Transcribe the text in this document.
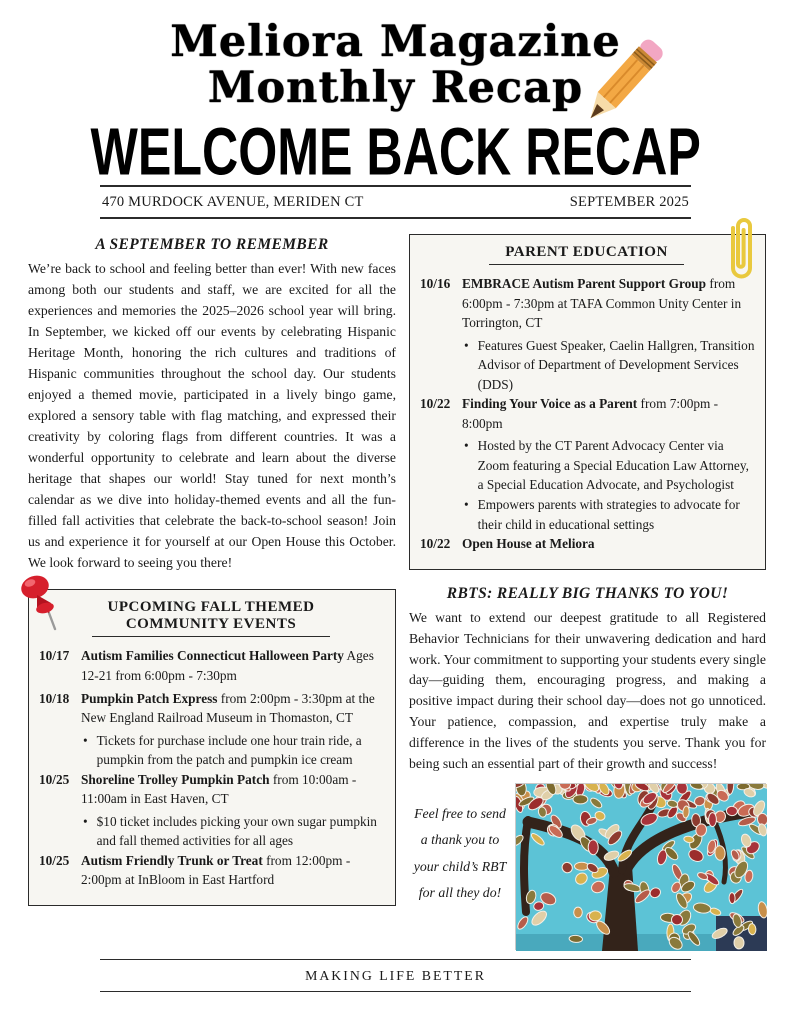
Meliora Magazine
Monthly Recap
WELCOME BACK RECAP
470 MURDOCK AVENUE, MERIDEN CT	SEPTEMBER 2025
A SEPTEMBER TO REMEMBER
We’re back to school and feeling better than ever! With new faces among both our students and staff, we are excited for all the experiences and memories the 2025–2026 school year will bring. In September, we kicked off our events by celebrating Hispanic Heritage Month, honoring the rich cultures and traditions of Hispanic communities throughout the school day. Our students enjoyed a themed movie, participated in a lively bingo game, explored a sensory table with flag matching, and expressed their creativity by coloring flags from different countries. It was a wonderful opportunity to celebrate and learn about the diverse heritage that shapes our world! Stay tuned for next month’s calendar as we dive into holiday-themed events and all the fun-filled fall activities that celebrate the back-to-school season! Join us and experience it for yourself at our Open House this October. We look forward to seeing you there!
UPCOMING FALL THEMED
COMMUNITY EVENTS
10/17 Autism Families Connecticut Halloween Party Ages 12-21 from 6:00pm - 7:30pm
10/18 Pumpkin Patch Express from 2:00pm - 3:30pm at the New England Railroad Museum in Thomaston, CT
• Tickets for purchase include one hour train ride, a pumpkin from the patch and pumpkin ice cream
10/25 Shoreline Trolley Pumpkin Patch from 10:00am - 11:00am in East Haven, CT
• $10 ticket includes picking your own sugar pumpkin and fall themed activities for all ages
10/25 Autism Friendly Trunk or Treat from 12:00pm - 2:00pm at InBloom in East Hartford
PARENT EDUCATION
10/16 EMBRACE Autism Parent Support Group from 6:00pm - 7:30pm at TAFA Common Unity Center in Torrington, CT
• Features Guest Speaker, Caelin Hallgren, Transition Advisor of Department of Development Services (DDS)
10/22 Finding Your Voice as a Parent from 7:00pm - 8:00pm
• Hosted by the CT Parent Advocacy Center via Zoom featuring a Special Education Law Attorney, a Special Education Advocate, and Psychologist
• Empowers parents with strategies to advocate for their child in educational settings
10/22 Open House at Meliora
RBTS: REALLY BIG THANKS TO YOU!
We want to extend our deepest gratitude to all Registered Behavior Technicians for their unwavering dedication and hard work. Your commitment to supporting your students every single day—guiding them, encouraging progress, and making a positive impact during their school day—does not go unnoticed. Your patience, compassion, and expertise truly make a difference in the lives of the students you serve. Thank you for being such an essential part of their growth and success!
Feel free to send a thank you to your child’s RBT for all they do!
MAKING LIFE BETTER
